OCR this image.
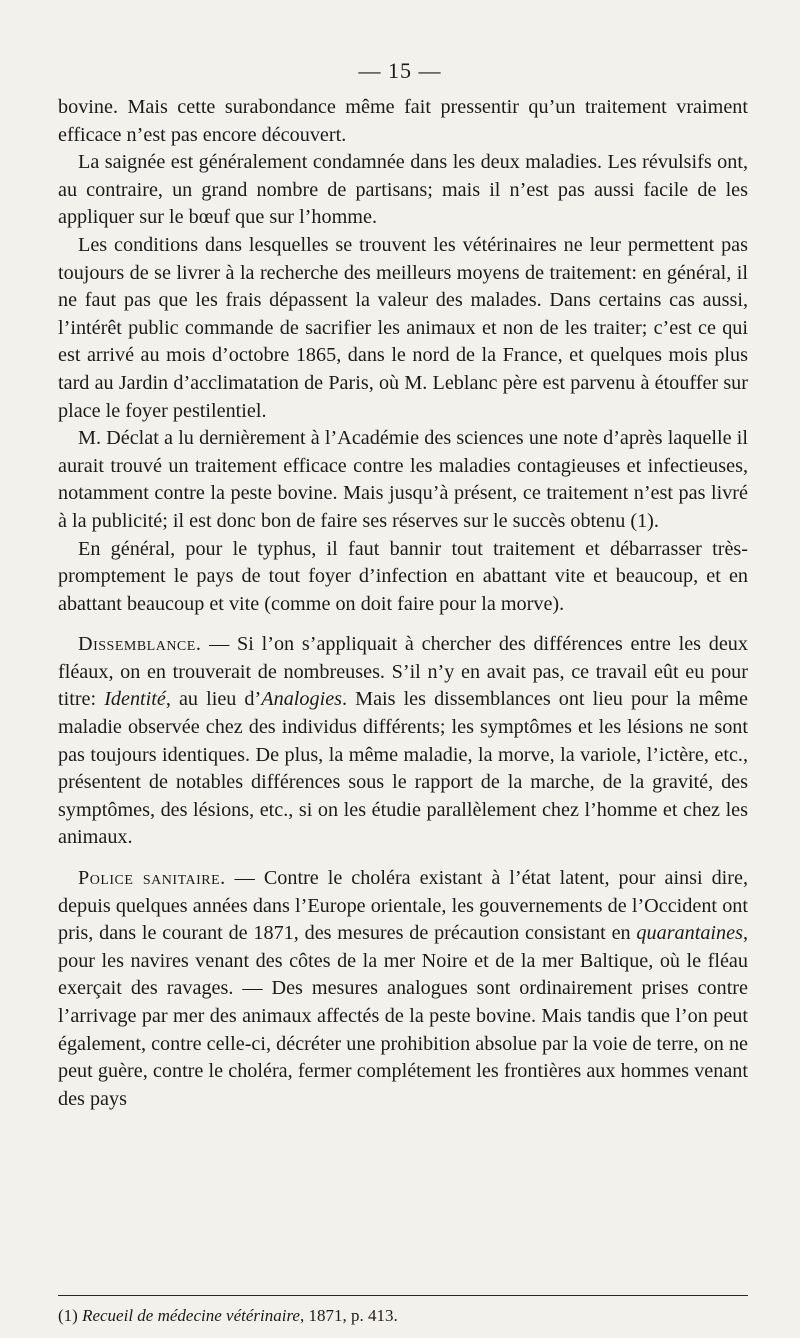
— 15 —

bovine. Mais cette surabondance même fait pressentir qu’un traitement vraiment efficace n’est pas encore découvert.

La saignée est généralement condamnée dans les deux maladies. Les révulsifs ont, au contraire, un grand nombre de partisans; mais il n’est pas aussi facile de les appliquer sur le bœuf que sur l’homme.

Les conditions dans lesquelles se trouvent les vétérinaires ne leur permettent pas toujours de se livrer à la recherche des meilleurs moyens de traitement: en général, il ne faut pas que les frais dépassent la valeur des malades. Dans certains cas aussi, l’intérêt public commande de sacrifier les animaux et non de les traiter; c’est ce qui est arrivé au mois d’octobre 1865, dans le nord de la France, et quelques mois plus tard au Jardin d’acclimatation de Paris, où M. Leblanc père est parvenu à étouffer sur place le foyer pestilentiel.

M. Déclat a lu dernièrement à l’Académie des sciences une note d’après laquelle il aurait trouvé un traitement efficace contre les maladies contagieuses et infectieuses, notamment contre la peste bovine. Mais jusqu’à présent, ce traitement n’est pas livré à la publicité; il est donc bon de faire ses réserves sur le succès obtenu (1).

En général, pour le typhus, il faut bannir tout traitement et débarrasser très-promptement le pays de tout foyer d’infection en abattant vite et beaucoup, et en abattant beaucoup et vite (comme on doit faire pour la morve).

Dissemblance. — Si l’on s’appliquait à chercher des différences entre les deux fléaux, on en trouverait de nombreuses. S’il n’y en avait pas, ce travail eût eu pour titre: Identité, au lieu d’Analogies. Mais les dissemblances ont lieu pour la même maladie observée chez des individus différents; les symptômes et les lésions ne sont pas toujours identiques. De plus, la même maladie, la morve, la variole, l’ictère, etc., présentent de notables différences sous le rapport de la marche, de la gravité, des symptômes, des lésions, etc., si on les étudie parallèlement chez l’homme et chez les animaux.

Police sanitaire. — Contre le choléra existant à l’état latent, pour ainsi dire, depuis quelques années dans l’Europe orientale, les gouvernements de l’Occident ont pris, dans le courant de 1871, des mesures de précaution consistant en quarantaines, pour les navires venant des côtes de la mer Noire et de la mer Baltique, où le fléau exerçait des ravages. — Des mesures analogues sont ordinairement prises contre l’arrivage par mer des animaux affectés de la peste bovine. Mais tandis que l’on peut également, contre celle-ci, décréter une prohibition absolue par la voie de terre, on ne peut guère, contre le choléra, fermer complétement les frontières aux hommes venant des pays

(1) Recueil de médecine vétérinaire, 1871, p. 413.
